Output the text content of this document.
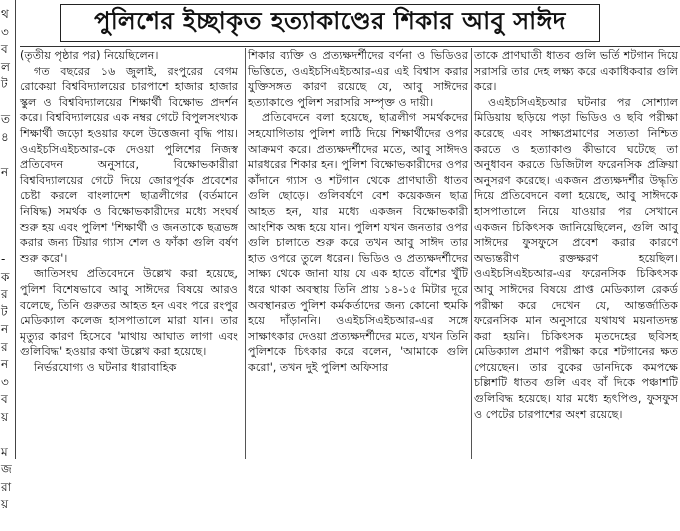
থ
৩
ব
ল
ট

ত
৪

ন

-
ক
র
ট
ন
র
ন
৩
ব
য়

ম
জ
রা
য়

পুলিশের ইচ্ছাকৃত হত্যাকাণ্ডের শিকার আবু সাঈদ

(তৃতীয় পৃষ্ঠার পর) নিয়েছিলেন।

গত বছরের ১৬ জুলাই, রংপুরের বেগম রোকেয়া বিশ্ববিদ্যালয়ের চারপাশে হাজার হাজার স্কুল ও বিশ্ববিদ্যালয়ের শিক্ষার্থী বিক্ষোভ প্রদর্শন করে। বিশ্ববিদ্যালয়ের এক নম্বর গেটে বিপুলসংখ্যক শিক্ষার্থী জড়ো হওয়ার ফলে উত্তেজনা বৃদ্ধি পায়। ওএইচসিএইচআর-কে দেওয়া পুলিশের নিজস্ব প্রতিবেদন অনুসারে, বিক্ষোভকারীরা বিশ্ববিদ্যালয়ের গেটে দিয়ে জোরপূর্বক প্রবেশের চেষ্টা করলে বাংলাদেশ ছাত্রলীগের (বর্তমানে নিষিদ্ধ) সমর্থক ও বিক্ষোভকারীদের মধ্যে সংঘর্ষ শুরু হয় এবং পুলিশ 'শিক্ষার্থী ও জনতাকে ছত্রভঙ্গ করার জন্য টিয়ার গ্যাস শেল ও ফাঁকা গুলি বর্ষণ শুরু করে'।

জাতিসংঘ প্রতিবেদনে উল্লেখ করা হয়েছে, পুলিশ বিশেষভাবে আবু সাঈদের বিষয়ে আরও বলেছে, তিনি গুরুতর আহত হন এবং পরে রংপুর মেডিক্যাল কলেজ হাসপাতালে মারা যান। তার মৃত্যুর কারণ হিসেবে 'মাথায় আঘাত লাগা এবং গুলিবিদ্ধ' হওয়ার কথা উল্লেখ করা হয়েছে।

নির্ভরযোগ্য ও ঘটনার ধারাবাহিক

শিকার ব্যক্তি ও প্রত্যক্ষদর্শীদের বর্ণনা ও ভিডিওর ভিত্তিতে, ওএইচসিএইচআর-এর এই বিশ্বাস করার যুক্তিসঙ্গত কারণ রয়েছে যে, আবু সাঈদের হত্যাকাণ্ডে পুলিশ সরাসরি সম্পৃক্ত ও দায়ী।

প্রতিবেদনে বলা হয়েছে, ছাত্রলীগ সমর্থকদের সহযোগিতায় পুলিশ লাঠি দিয়ে শিক্ষার্থীদের ওপর আক্রমণ করে। প্রত্যক্ষদর্শীদের মতে, আবু সাঈদও মারধরের শিকার হন। পুলিশ বিক্ষোভকারীদের ওপর কাঁদানে গ্যাস ও শটগান থেকে প্রাণঘাতী ধাতব গুলি ছোড়ে। গুলিবর্ষণে বেশ কয়েকজন ছাত্র আহত হন, যার মধ্যে একজন বিক্ষোভকারী আংশিক অন্ধ হয়ে যান। পুলিশ যখন জনতার ওপর গুলি চালাতে শুরু করে তখন আবু সাঈদ তার হাত ওপরে তুলে ধরেন। ভিডিও ও প্রত্যক্ষদর্শীদের সাক্ষ্য থেকে জানা যায় যে এক হাতে বাঁশের খুঁটি ধরে থাকা অবস্থায় তিনি প্রায় ১৪-১৫ মিটার দূরে অবস্থানরত পুলিশ কর্মকর্তাদের জন্য কোনো হুমকি হয়ে দাঁড়াননি। ওএইচসিএইচআর-এর সঙ্গে সাক্ষাৎকার দেওয়া প্রত্যক্ষদর্শীদের মতে, যখন তিনি পুলিশকে চিৎকার করে বলেন, 'আমাকে গুলি করো', তখন দুই পুলিশ অফিসার

তাকে প্রাণঘাতী ধাতব গুলি ভর্তি শটগান দিয়ে সরাসরি তার দেহ লক্ষ্য করে একাধিকবার গুলি করে।

ওএইচসিএইচআর ঘটনার পর সোশ্যাল মিডিয়ায় ছড়িয়ে পড়া ভিডিও ও ছবি পরীক্ষা করেছে এবং সাক্ষ্যপ্রমাণের সত্যতা নিশ্চিত করতে ও হত্যাকাণ্ড কীভাবে ঘটেছে তা অনুধাবন করতে ডিজিটাল ফরেনসিক প্রক্রিয়া অনুসরণ করেছে। একজন প্রত্যক্ষদর্শীর উদ্ধৃতি দিয়ে প্রতিবেদনে বলা হয়েছে, আবু সাঈদকে হাসপাতালে নিয়ে যাওয়ার পর সেখানে একজন চিকিৎসক জানিয়েছিলেন, গুলি আবু সাঈদের ফুসফুসে প্রবেশ করার কারণে অভ্যন্তরীণ রক্তক্ষরণ হয়েছিল। ওএইচসিএইচআর-এর ফরেনসিক চিকিৎসক আবু সাঈদের বিষয়ে প্রাপ্ত মেডিক্যাল রেকর্ড পরীক্ষা করে দেখেন যে, আন্তর্জাতিক ফরেনসিক মান অনুসারে যথাযথ ময়নাতদন্ত করা হয়নি। চিকিৎসক মৃতদেহের ছবিসহ মেডিক্যাল প্রমাণ পরীক্ষা করে শটগানের ক্ষত পেয়েছেন। তার বুকের ডানদিকে কমপক্ষে চল্লিশটি ধাতব গুলি এবং বাঁ দিকে পঞ্চাশটি গুলিবিদ্ধ হয়েছে। যার মধ্যে হৃৎপিণ্ড, ফুসফুস ও পেটের চারপাশের অংশ রয়েছে।
